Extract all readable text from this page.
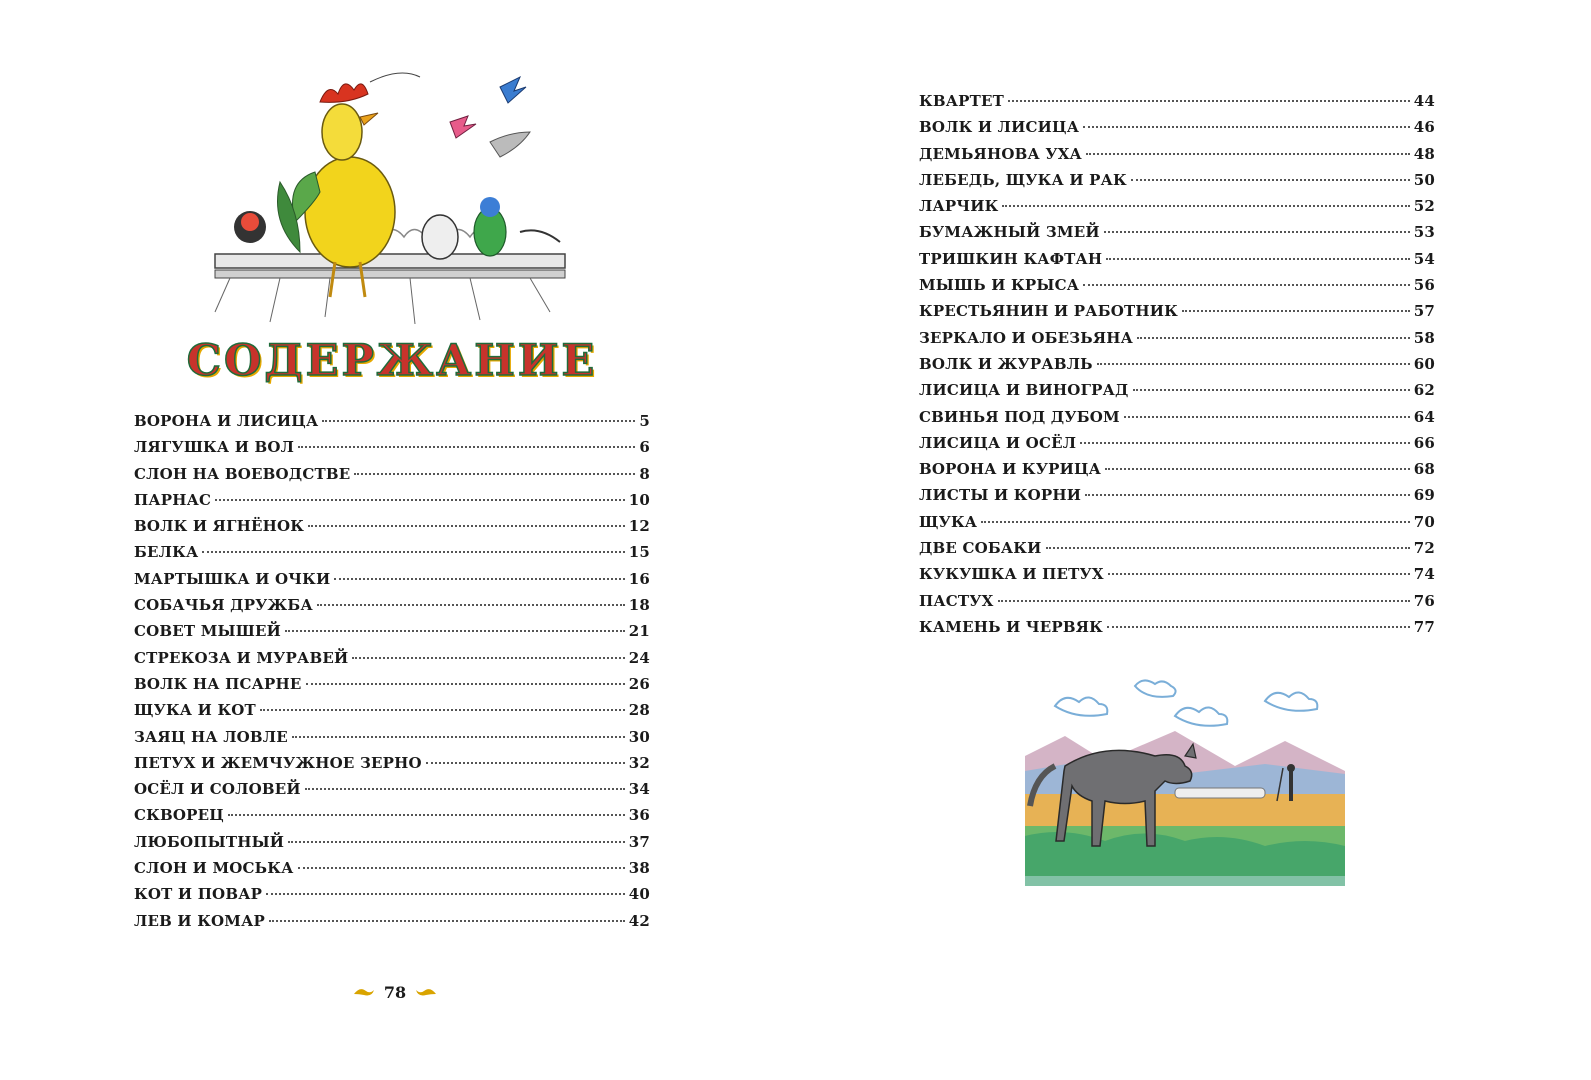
СОДЕРЖАНИЕ
ВОРОНА И ЛИСИЦА	5
ЛЯГУШКА И ВОЛ	6
СЛОН НА ВОЕВОДСТВЕ	8
ПАРНАС	10
ВОЛК И ЯГНЁНОК	12
БЕЛКА	15
МАРТЫШКА И ОЧКИ	16
СОБАЧЬЯ ДРУЖБА	18
СОВЕТ МЫШЕЙ	21
СТРЕКОЗА И МУРАВЕЙ	24
ВОЛК НА ПСАРНЕ	26
ЩУКА И КОТ	28
ЗАЯЦ НА ЛОВЛЕ	30
ПЕТУХ И ЖЕМЧУЖНОЕ ЗЕРНО	32
ОСЁЛ И СОЛОВЕЙ	34
СКВОРЕЦ	36
ЛЮБОПЫТНЫЙ	37
СЛОН И МОСЬКА	38
КОТ И ПОВАР	40
ЛЕВ И КОМАР	42
78
КВАРТЕТ	44
ВОЛК И ЛИСИЦА	46
ДЕМЬЯНОВА УХА	48
ЛЕБЕДЬ, ЩУКА И РАК	50
ЛАРЧИК	52
БУМАЖНЫЙ ЗМЕЙ	53
ТРИШКИН КАФТАН	54
МЫШЬ И КРЫСА	56
КРЕСТЬЯНИН И РАБОТНИК	57
ЗЕРКАЛО И ОБЕЗЬЯНА	58
ВОЛК И ЖУРАВЛЬ	60
ЛИСИЦА И ВИНОГРАД	62
СВИНЬЯ ПОД ДУБОМ	64
ЛИСИЦА И ОСЁЛ	66
ВОРОНА И КУРИЦА	68
ЛИСТЫ И КОРНИ	69
ЩУКА	70
ДВЕ СОБАКИ	72
КУКУШКА И ПЕТУХ	74
ПАСТУХ	76
КАМЕНЬ И ЧЕРВЯК	77
